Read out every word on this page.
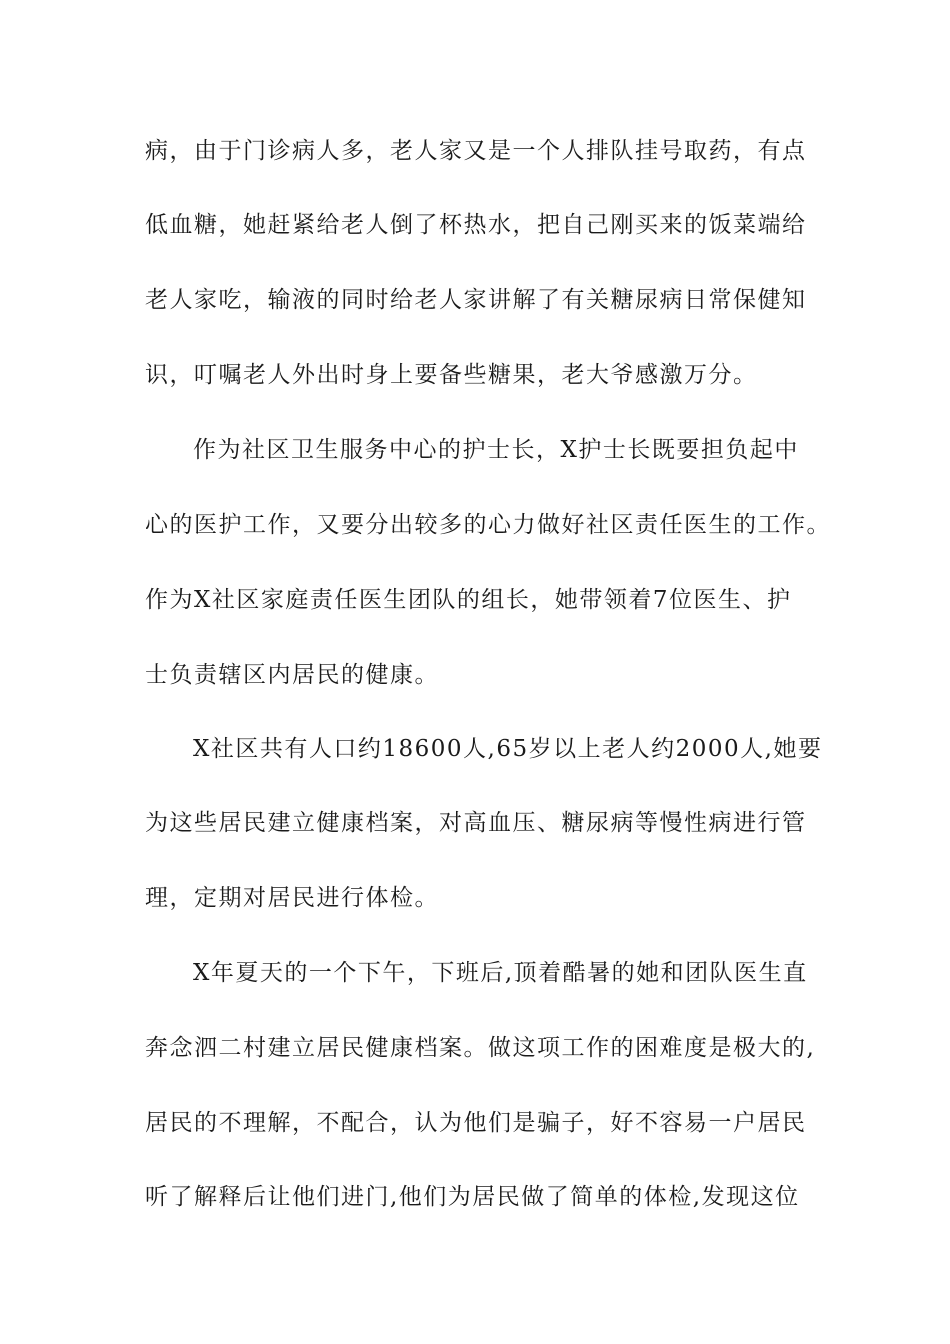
病，由于门诊病人多，老人家又是一个人排队挂号取药，有点

低血糖，她赶紧给老人倒了杯热水，把自己刚买来的饭菜端给

老人家吃，输液的同时给老人家讲解了有关糖尿病日常保健知

识，叮嘱老人外出时身上要备些糖果，老大爷感激万分。

作为社区卫生服务中心的护士长，X护士长既要担负起中

心的医护工作，又要分出较多的心力做好社区责任医生的工作。

作为X社区家庭责任医生团队的组长，她带领着7位医生、护

士负责辖区内居民的健康。

X社区共有人口约18600人,65岁以上老人约2000人,她要

为这些居民建立健康档案，对高血压、糖尿病等慢性病进行管

理，定期对居民进行体检。

X年夏天的一个下午，下班后,顶着酷暑的她和团队医生直

奔念泗二村建立居民健康档案。做这项工作的困难度是极大的,

居民的不理解，不配合，认为他们是骗子，好不容易一户居民

听了解释后让他们进门,他们为居民做了简单的体检,发现这位
